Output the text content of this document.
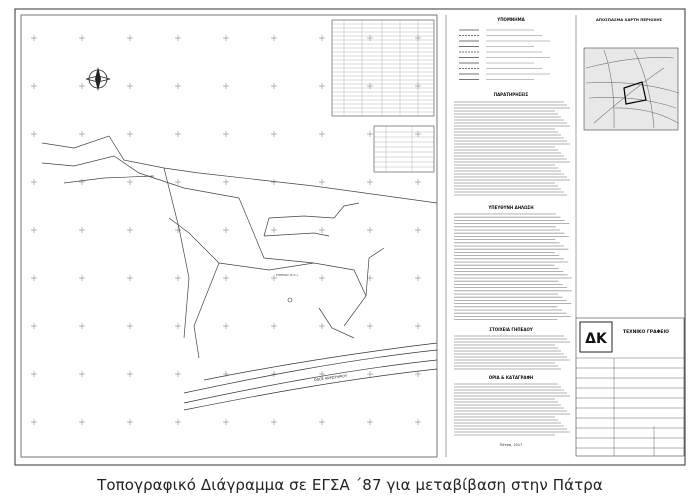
ΟΔΟΣ ΑΚΡΩΤΗΡΙΟΥ
ΓΗΠΕΔΟ (Κ.Α.)
ΥΠΟΜΝΗΜΑ
ΠΑΡΑΤΗΡΗΣΕΙΣ
ΥΠΕΥΘΥΝΗ ΔΗΛΩΣΗ
ΣΤΟΙΧΕΙΑ ΓΗΠΕΔΟΥ
ΟΡΙΑ & ΚΑΤΑΓΡΑΦΗ
Πάτρα, 2017
ΑΠΟΣΠΑΣΜΑ ΧΑΡΤΗ ΠΕΡΙΟΧΗΣ
ΔΚ	ΤΕΧΝΙΚΟ ΓΡΑΦΕΙΟ
Τοπογραφικό Διάγραμμα σε ΕΓΣΑ ΄87 για μεταβίβαση στην Πάτρα
